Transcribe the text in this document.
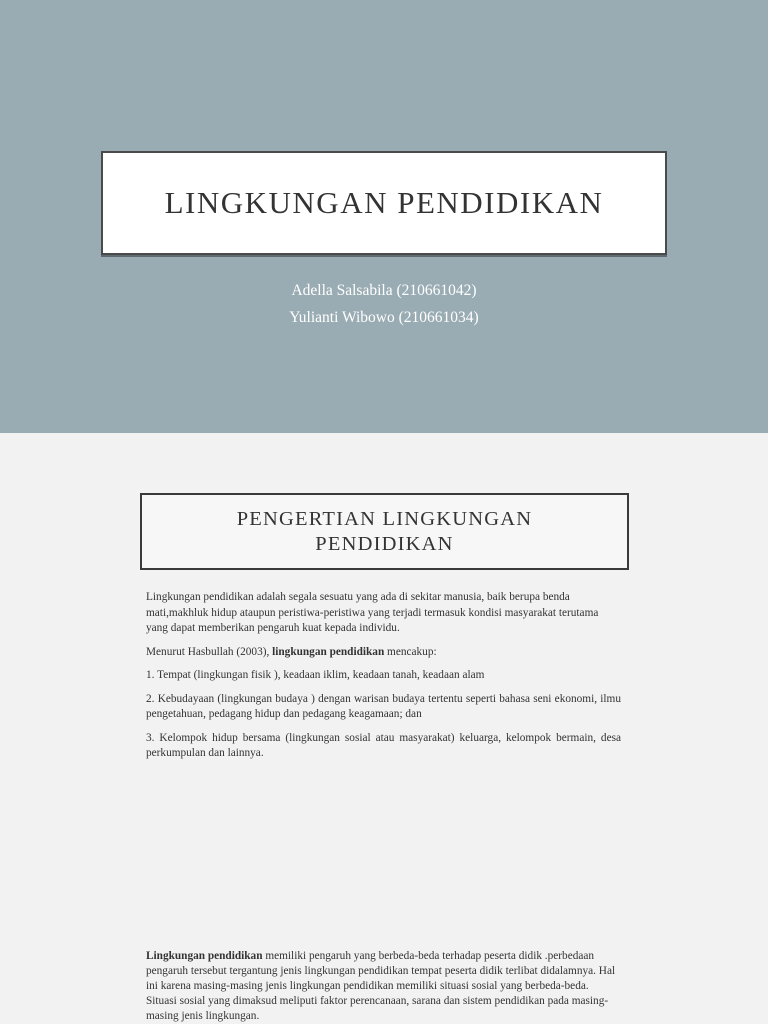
LINGKUNGAN PENDIDIKAN
Adella Salsabila (210661042)
Yulianti Wibowo (210661034)
PENGERTIAN LINGKUNGAN
PENDIDIKAN

Lingkungan pendidikan adalah segala sesuatu yang ada di sekitar manusia, baik berupa benda mati,makhluk hidup ataupun peristiwa-peristiwa yang terjadi termasuk kondisi masyarakat terutama yang dapat memberikan pengaruh kuat kepada individu.

Menurut Hasbullah (2003), lingkungan pendidikan mencakup:

1. Tempat (lingkungan fisik ), keadaan iklim, keadaan tanah, keadaan alam

2. Kebudayaan (lingkungan budaya ) dengan warisan budaya tertentu seperti bahasa seni ekonomi, ilmu pengetahuan, pedagang hidup dan pedagang keagamaan; dan

3. Kelompok hidup bersama (lingkungan sosial atau masyarakat) keluarga, kelompok bermain, desa perkumpulan dan lainnya.

Lingkungan pendidikan memiliki pengaruh yang berbeda-beda terhadap peserta didik .perbedaan pengaruh tersebut tergantung jenis lingkungan pendidikan tempat peserta didik terlibat didalamnya. Hal ini karena masing-masing jenis lingkungan pendidikan memiliki situasi sosial yang berbeda-beda. Situasi sosial yang dimaksud meliputi faktor perencanaan, sarana dan sistem pendidikan pada masing-masing jenis lingkungan.
